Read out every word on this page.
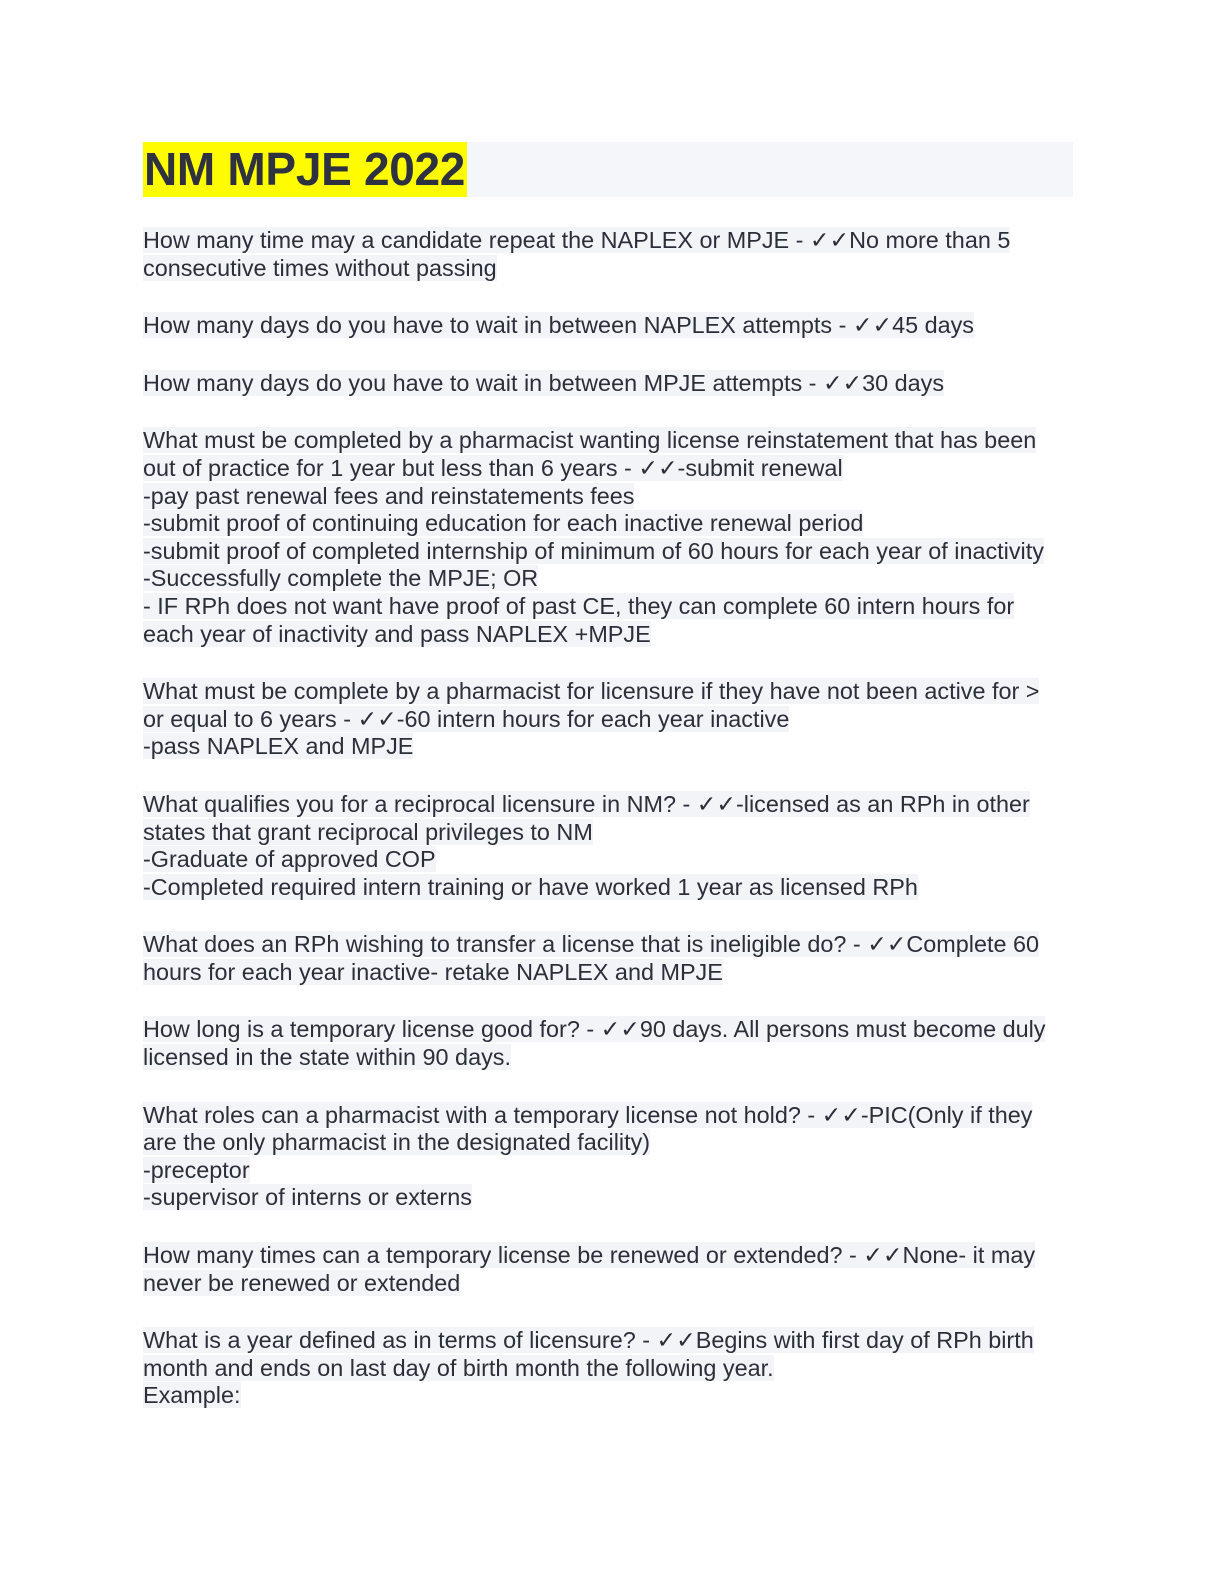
NM MPJE 2022
How many time may a candidate repeat the NAPLEX or MPJE - ✓✓No more than 5
consecutive times without passing
How many days do you have to wait in between NAPLEX attempts - ✓✓45 days
How many days do you have to wait in between MPJE attempts - ✓✓30 days
What must be completed by a pharmacist wanting license reinstatement that has been
out of practice for 1 year but less than 6 years - ✓✓-submit renewal
-pay past renewal fees and reinstatements fees
-submit proof of continuing education for each inactive renewal period
-submit proof of completed internship of minimum of 60 hours for each year of inactivity
-Successfully complete the MPJE; OR
- IF RPh does not want have proof of past CE, they can complete 60 intern hours for
each year of inactivity and pass NAPLEX +MPJE
What must be complete by a pharmacist for licensure if they have not been active for >
or equal to 6 years - ✓✓-60 intern hours for each year inactive
-pass NAPLEX and MPJE
What qualifies you for a reciprocal licensure in NM? - ✓✓-licensed as an RPh in other
states that grant reciprocal privileges to NM
-Graduate of approved COP
-Completed required intern training or have worked 1 year as licensed RPh
What does an RPh wishing to transfer a license that is ineligible do? - ✓✓Complete 60
hours for each year inactive- retake NAPLEX and MPJE
How long is a temporary license good for? - ✓✓90 days. All persons must become duly
licensed in the state within 90 days.
What roles can a pharmacist with a temporary license not hold? - ✓✓-PIC(Only if they
are the only pharmacist in the designated facility)
-preceptor
-supervisor of interns or externs
How many times can a temporary license be renewed or extended? - ✓✓None- it may
never be renewed or extended
What is a year defined as in terms of licensure? - ✓✓Begins with first day of RPh birth
month and ends on last day of birth month the following year.
Example:
